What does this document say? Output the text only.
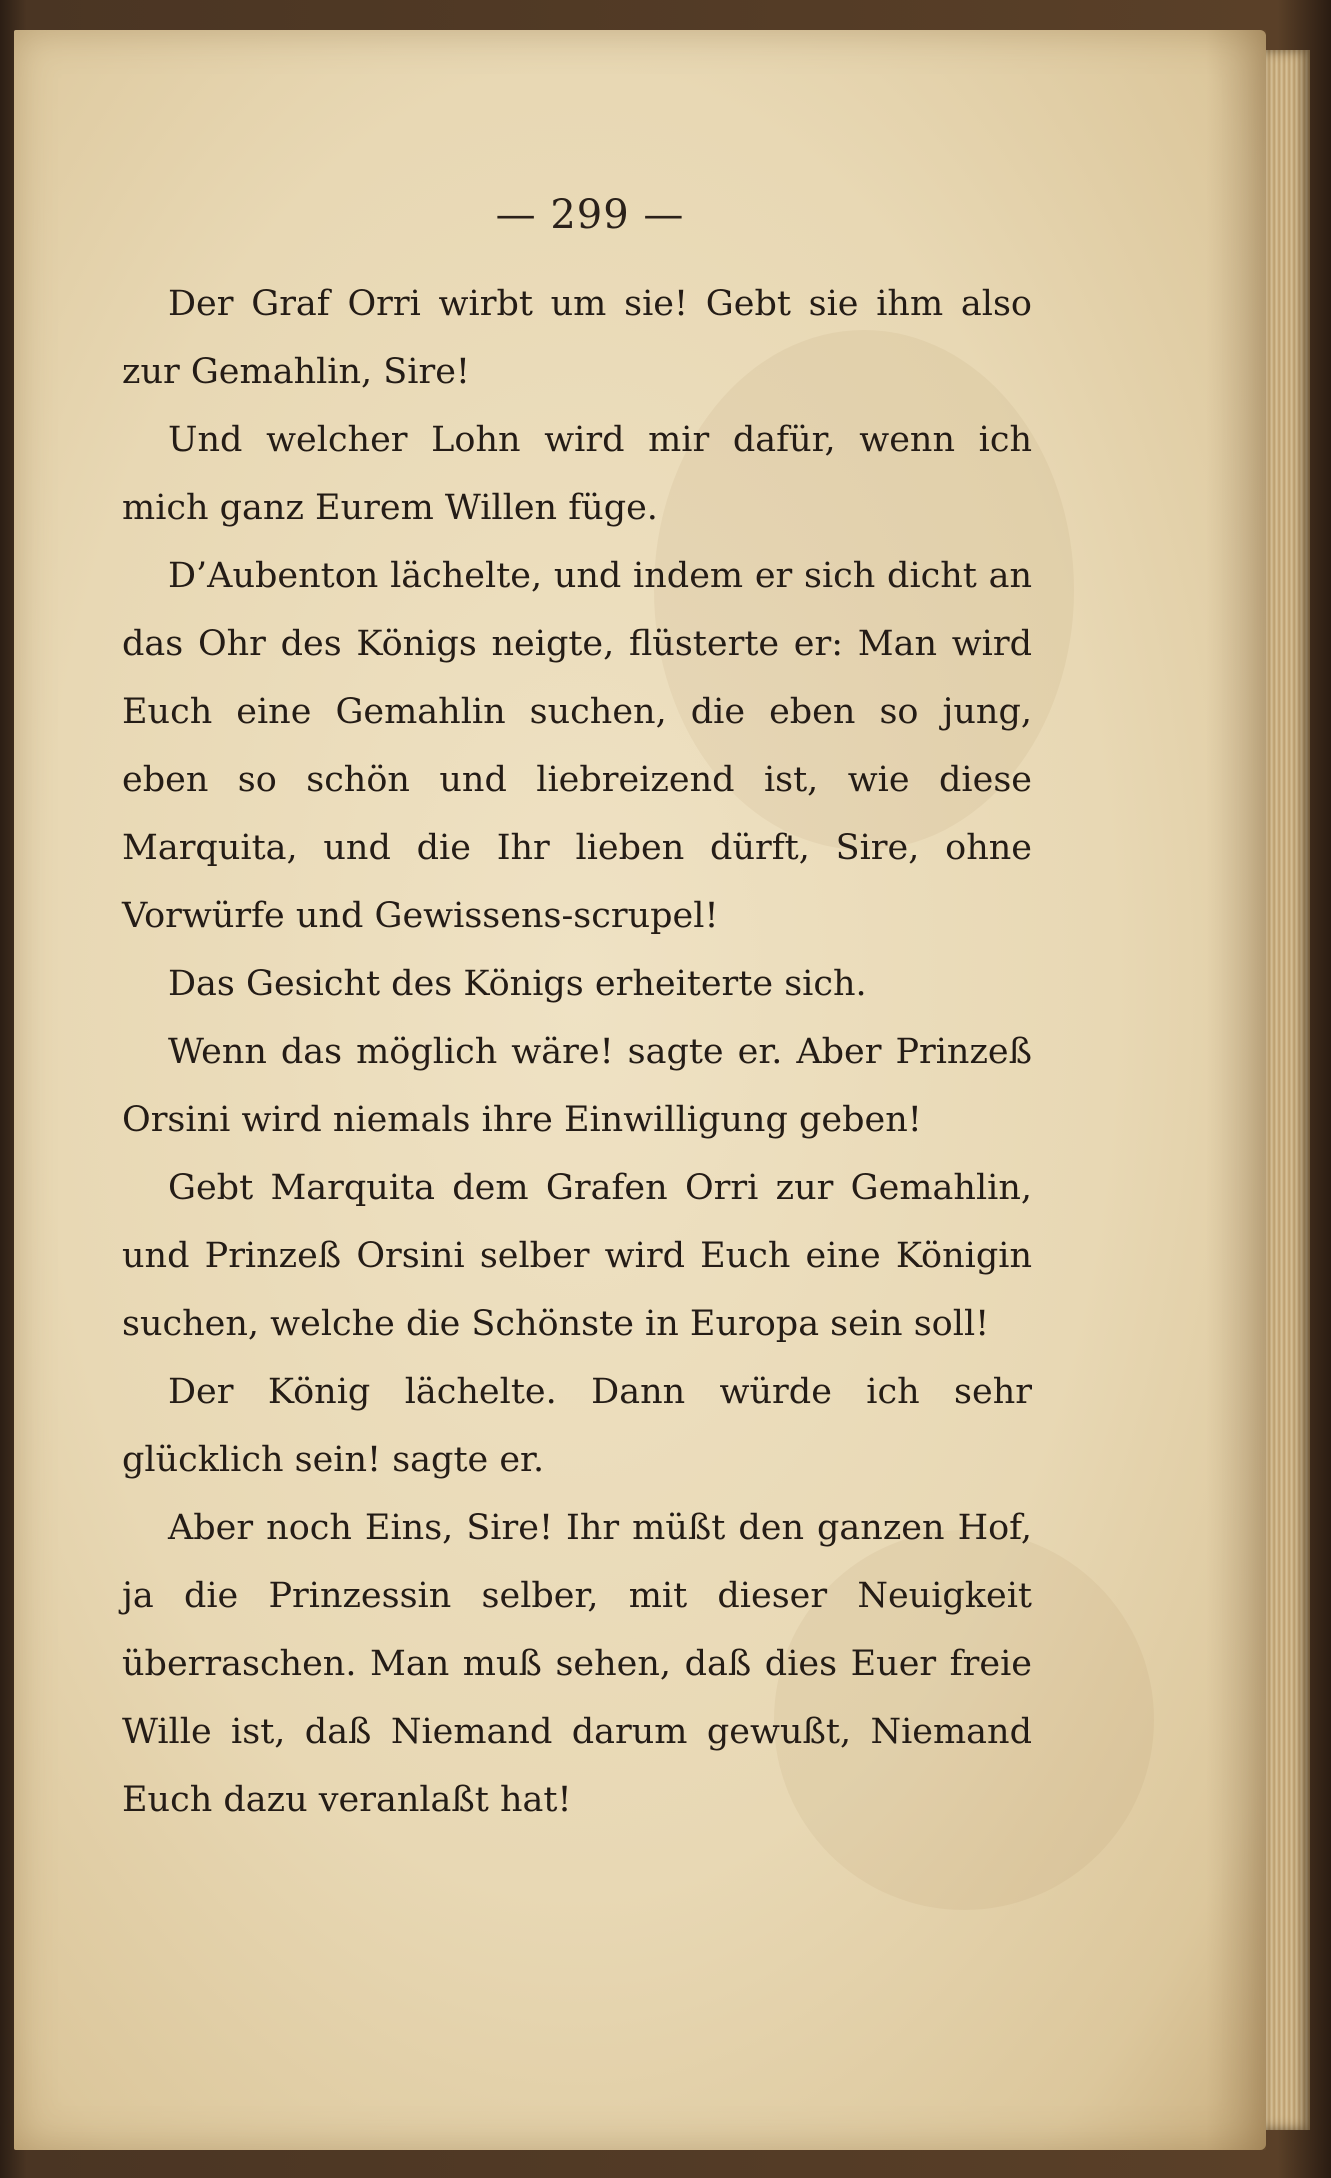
— 299 —

Der Graf Orri wirbt um sie! Gebt sie ihm also zur Gemahlin, Sire!

Und welcher Lohn wird mir dafür, wenn ich mich ganz Eurem Willen füge.

D’Aubenton lächelte, und indem er sich dicht an das Ohr des Königs neigte, flüsterte er: Man wird Euch eine Gemahlin suchen, die eben so jung, eben so schön und liebreizend ist, wie diese Marquita, und die Ihr lieben dürft, Sire, ohne Vorwürfe und Gewissens-scrupel!

Das Gesicht des Königs erheiterte sich.

Wenn das möglich wäre! sagte er. Aber Prinzeß Orsini wird niemals ihre Einwilligung geben!

Gebt Marquita dem Grafen Orri zur Gemahlin, und Prinzeß Orsini selber wird Euch eine Königin suchen, welche die Schönste in Europa sein soll!

Der König lächelte. Dann würde ich sehr glücklich sein! sagte er.

Aber noch Eins, Sire! Ihr müßt den ganzen Hof, ja die Prinzessin selber, mit dieser Neuigkeit überraschen. Man muß sehen, daß dies Euer freie Wille ist, daß Niemand darum gewußt, Niemand Euch dazu veranlaßt hat!
